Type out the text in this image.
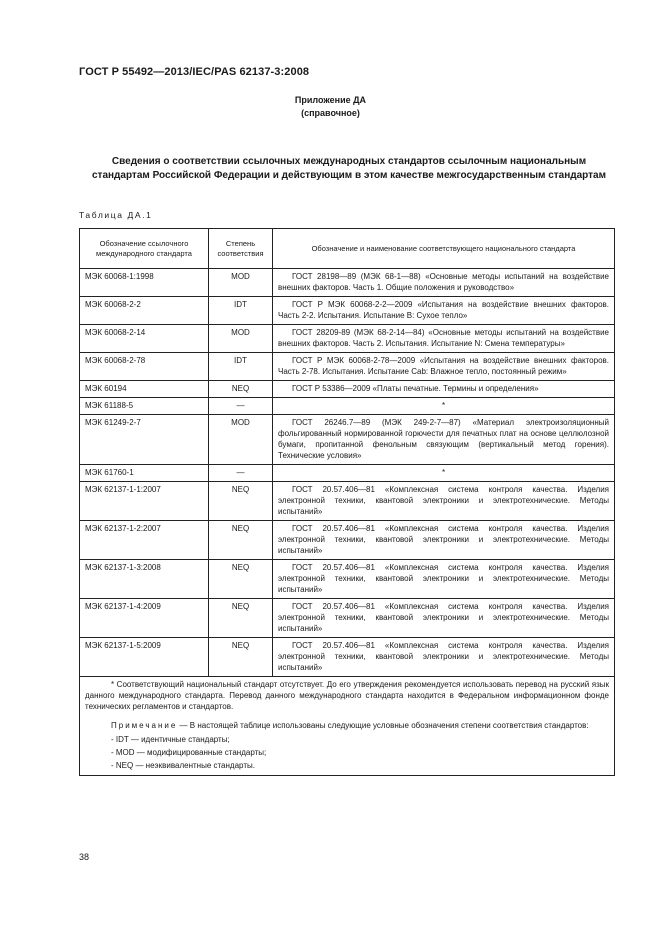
ГОСТ Р 55492—2013/IEC/PAS 62137-3:2008
Приложение ДА
(справочное)
Сведения о соответствии ссылочных международных стандартов ссылочным национальным стандартам Российской Федерации и действующим в этом качестве межгосударственным стандартам
Таблица ДА.1
Обозначение ссылочного международного стандарта	Степень соответствия	Обозначение и наименование соответствующего национального стандарта
МЭК 60068-1:1998	MOD	ГОСТ 28198—89 (МЭК 68-1—88) «Основные методы испытаний на воздействие внешних факторов. Часть 1. Общие положения и руководство»
МЭК 60068-2-2	IDT	ГОСТ Р МЭК 60068-2-2—2009 «Испытания на воздействие внешних факторов. Часть 2-2. Испытания. Испытание В: Сухое тепло»
МЭК 60068-2-14	MOD	ГОСТ 28209-89 (МЭК 68-2-14—84) «Основные методы испытаний на воздействие внешних факторов. Часть 2. Испытания. Испытание N: Смена температуры»
МЭК 60068-2-78	IDT	ГОСТ Р МЭК 60068-2-78—2009 «Испытания на воздействие внешних факторов. Часть 2-78. Испытания. Испытание Cab: Влажное тепло, постоянный режим»
МЭК 60194	NEQ	ГОСТ Р 53386—2009 «Платы печатные. Термины и определения»
МЭК 61188-5	—	*
МЭК 61249-2-7	MOD	ГОСТ 26246.7—89 (МЭК 249-2-7—87) «Материал электроизоляционный фольгированный нормированной горючести для печатных плат на основе целлюлозной бумаги, пропитанной фенольным связующим (вертикальный метод горения). Технические условия»
МЭК 61760-1	—	*
МЭК 62137-1-1:2007	NEQ	ГОСТ 20.57.406—81 «Комплексная система контроля качества. Изделия электронной техники, квантовой электроники и электротехнические. Методы испытаний»
МЭК 62137-1-2:2007	NEQ	ГОСТ 20.57.406—81 «Комплексная система контроля качества. Изделия электронной техники, квантовой электроники и электротехнические. Методы испытаний»
МЭК 62137-1-3:2008	NEQ	ГОСТ 20.57.406—81 «Комплексная система контроля качества. Изделия электронной техники, квантовой электроники и электротехнические. Методы испытаний»
МЭК 62137-1-4:2009	NEQ	ГОСТ 20.57.406—81 «Комплексная система контроля качества. Изделия электронной техники, квантовой электроники и электротехнические. Методы испытаний»
МЭК 62137-1-5:2009	NEQ	ГОСТ 20.57.406—81 «Комплексная система контроля качества. Изделия электронной техники, квантовой электроники и электротехнические. Методы испытаний»

* Соответствующий национальный стандарт отсутствует. До его утверждения рекомендуется использовать перевод на русский язык данного международного стандарта. Перевод данного международного стандарта находится в Федеральном информационном фонде технических регламентов и стандартов.

Примечание — В настоящей таблице использованы следующие условные обозначения степени соответствия стандартов:

- IDT — идентичные стандарты;

- MOD — модифицированные стандарты;

- NEQ — неэквивалентные стандарты.		

38
